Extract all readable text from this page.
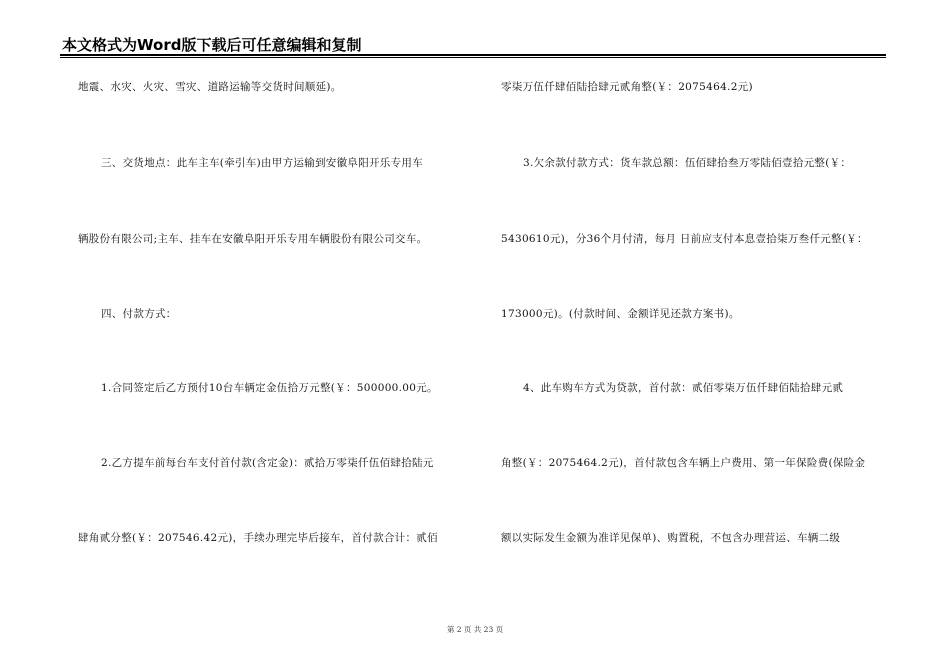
本文格式为Word版下载后可任意编辑和复制
地震、水灾、火灾、雪灾、道路运输等交货时间顺延)。
三、交货地点：此车主车(牵引车)由甲方运输到安徽阜阳开乐专用车
辆股份有限公司;主车、挂车在安徽阜阳开乐专用车辆股份有限公司交车。
四、付款方式：
1.合同签定后乙方预付10台车辆定金伍拾万元整(￥：500000.00元。
2.乙方提车前每台车支付首付款(含定金)：贰拾万零柒仟伍佰肆拾陆元
肆角贰分整(￥：207546.42元)，手续办理完毕后接车，首付款合计：贰佰
零柒万伍仟肆佰陆拾肆元贰角整(￥：2075464.2元)
3.欠余款付款方式：货车款总额：伍佰肆拾叁万零陆佰壹拾元整(￥：
5430610元)，分36个月付清，每月 日前应支付本息壹拾柒万叁仟元整(￥：
173000元)。(付款时间、金额详见还款方案书)。
4、此车购车方式为贷款，首付款：贰佰零柒万伍仟肆佰陆拾肆元贰
角整(￥：2075464.2元)，首付款包含车辆上户费用、第一年保险费(保险金
额以实际发生金额为准详见保单)、购置税，不包含办理营运、车辆二级
第 2 页 共 23 页
